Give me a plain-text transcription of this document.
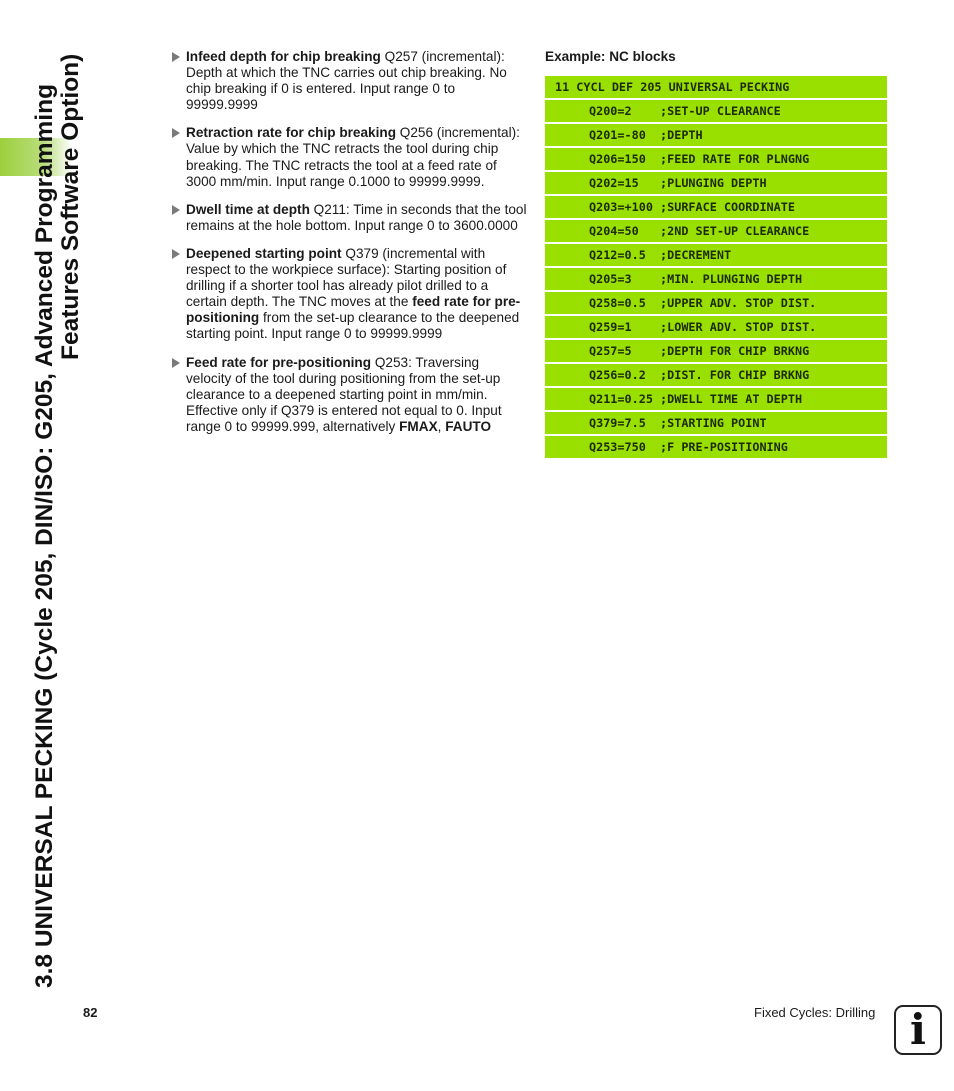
3.8 UNIVERSAL PECKING (Cycle 205, DIN/ISO: G205, Advanced Programming Features Software Option)	Infeed depth for chip breaking Q257 (incremental): Depth at which the TNC carries out chip breaking. No chip breaking if 0 is entered. Input range 0 to 99999.9999
Retraction rate for chip breaking Q256 (incremental): Value by which the TNC retracts the tool during chip breaking. The TNC retracts the tool at a feed rate of 3000 mm/min. Input range 0.1000 to 99999.9999.
Dwell time at depth Q211: Time in seconds that the tool remains at the hole bottom. Input range 0 to 3600.0000
Deepened starting point Q379 (incremental with respect to the workpiece surface): Starting position of drilling if a shorter tool has already pilot drilled to a certain depth. The TNC moves at the feed rate for pre-positioning from the set-up clearance to the deepened starting point. Input range 0 to 99999.9999
Feed rate for pre-positioning Q253: Traversing velocity of the tool during positioning from the set-up clearance to a deepened starting point in mm/min. Effective only if Q379 is entered not equal to 0. Input range 0 to 99999.999, alternatively FMAX, FAUTO
Example: NC blocks
11 CYCL DEF 205 UNIVERSAL PECKING
Q200=2    ;SET-UP CLEARANCE
Q201=-80  ;DEPTH
Q206=150  ;FEED RATE FOR PLNGNG
Q202=15   ;PLUNGING DEPTH
Q203=+100 ;SURFACE COORDINATE
Q204=50   ;2ND SET-UP CLEARANCE
Q212=0.5  ;DECREMENT
Q205=3    ;MIN. PLUNGING DEPTH
Q258=0.5  ;UPPER ADV. STOP DIST.
Q259=1    ;LOWER ADV. STOP DIST.
Q257=5    ;DEPTH FOR CHIP BRKNG
Q256=0.2  ;DIST. FOR CHIP BRKNG
Q211=0.25 ;DWELL TIME AT DEPTH
Q379=7.5  ;STARTING POINT
Q253=750  ;F PRE-POSITIONING
82	Fixed Cycles: Drilling i
